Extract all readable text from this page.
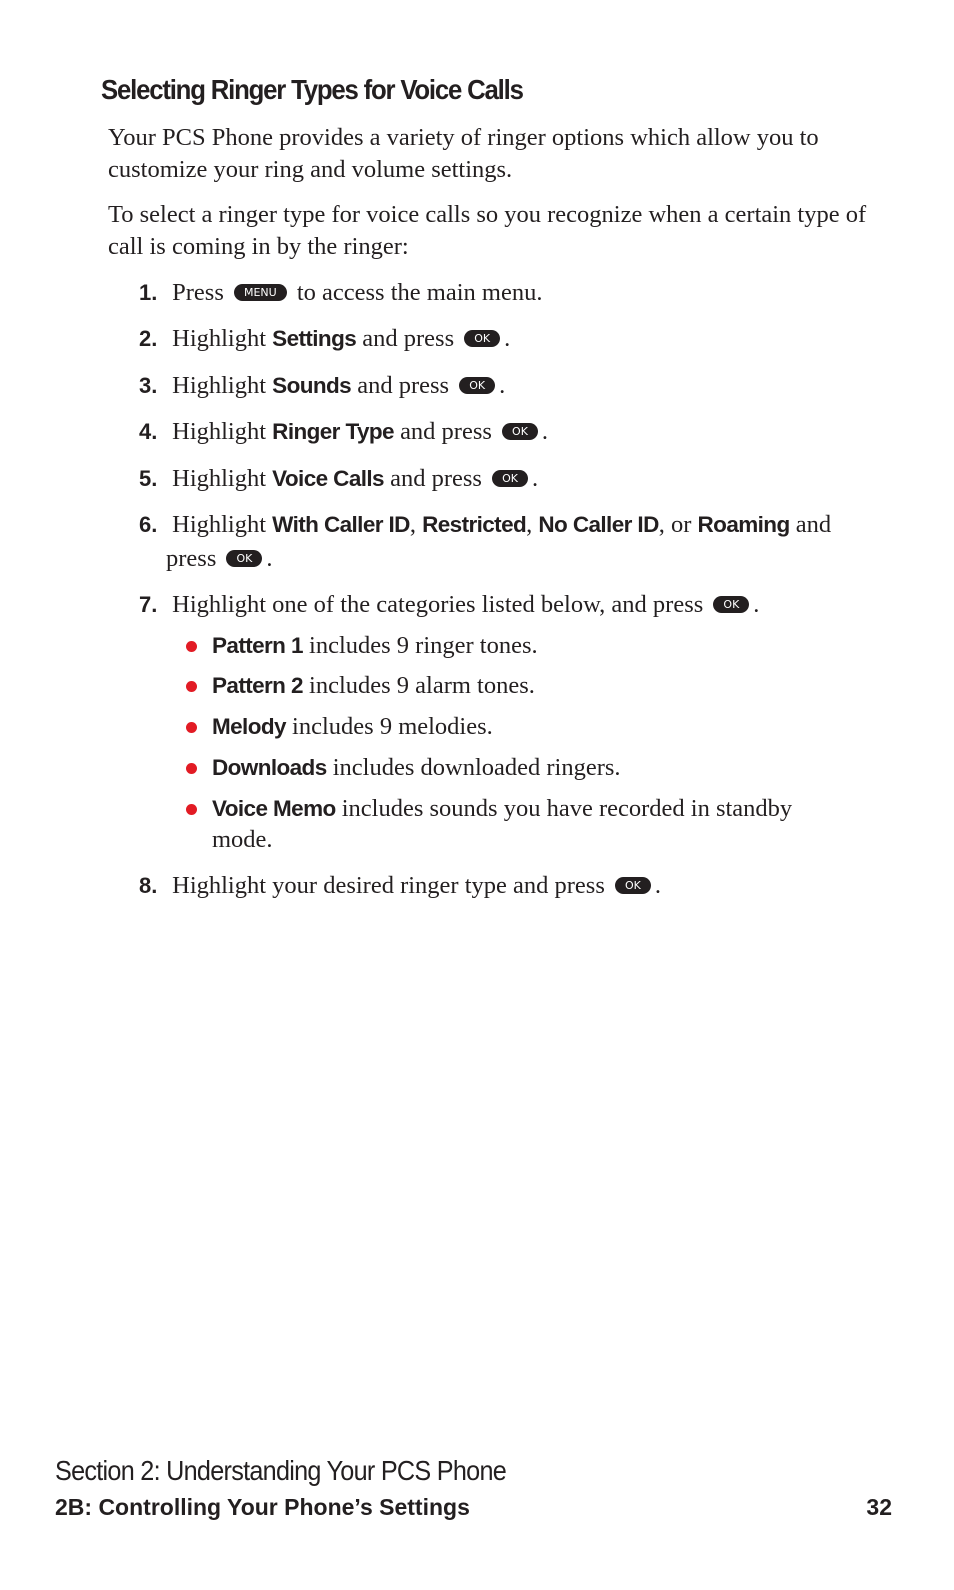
Selecting Ringer Types for Voice Calls

Your PCS Phone provides a variety of ringer options which allow you to customize your ring and volume settings.

To select a ringer type for voice calls so you recognize when a certain type of call is coming in by the ringer:

1. Press MENU to access the main menu.
2. Highlight Settings and press OK .
3. Highlight Sounds and press OK .
4. Highlight Ringer Type and press OK .
5. Highlight Voice Calls and press OK .
6. Highlight With Caller ID, Restricted, No Caller ID, or Roaming and
press OK .
7. Highlight one of the categories listed below, and press OK .
Pattern 1 includes 9 ringer tones.
Pattern 2 includes 9 alarm tones.
Melody includes 9 melodies.
Downloads includes downloaded ringers.
Voice Memo includes sounds you have recorded in standby mode.
8. Highlight your desired ringer type and press OK .
Section 2: Understanding Your PCS Phone
2B: Controlling Your Phone’s Settings	32
